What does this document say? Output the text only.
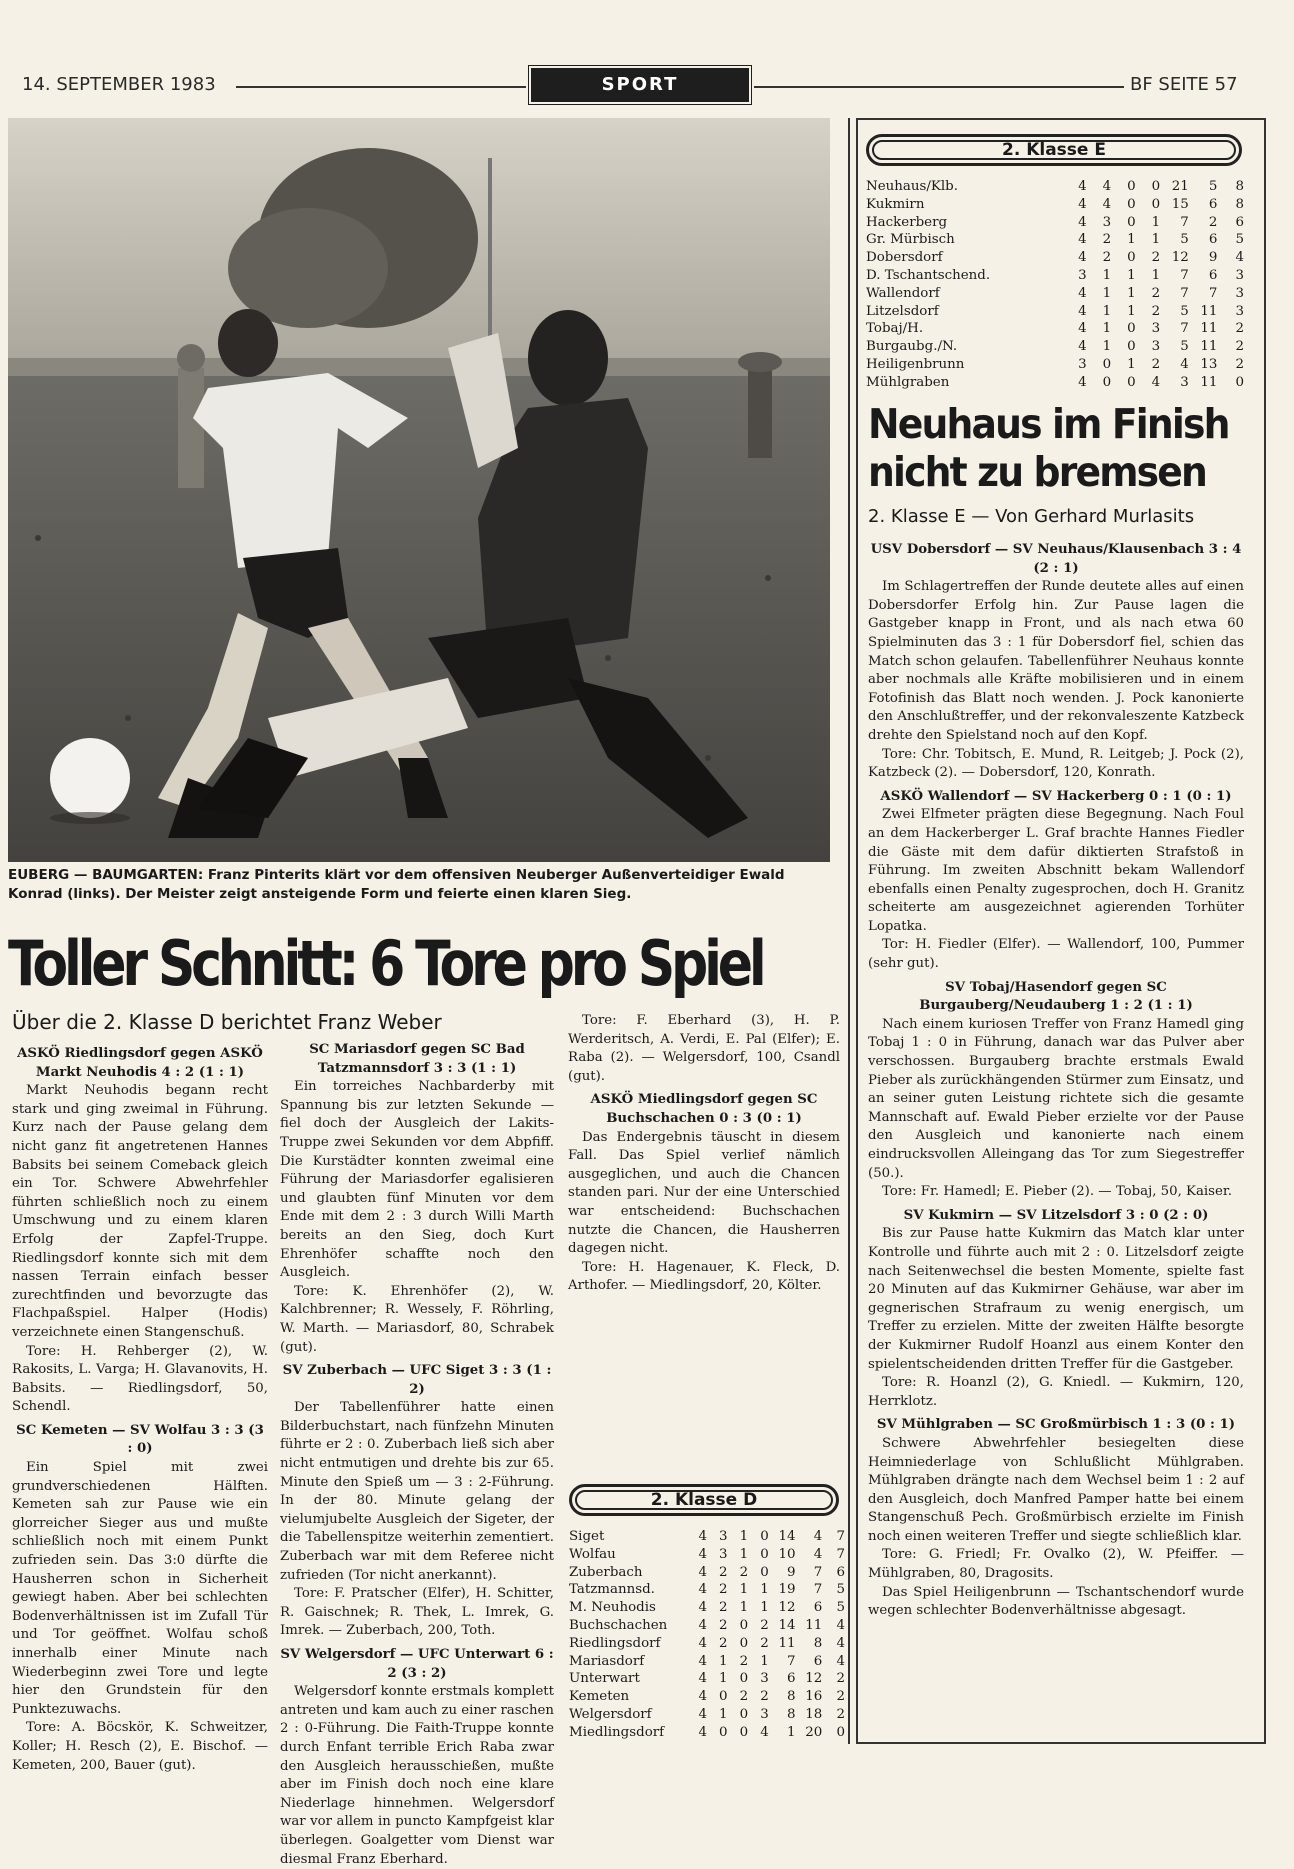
14. SEPTEMBER 1983	SPORT	BF SEITE 57
EUBERG — BAUMGARTEN: Franz Pinterits klärt vor dem offensiven Neuberger Außenverteidiger Ewald Konrad (links). Der Meister zeigt ansteigende Form und feierte einen klaren Sieg.
Toller Schnitt: 6 Tore pro Spiel
Über die 2. Klasse D berichtet Franz Weber

ASKÖ Riedlingsdorf gegen ASKÖ Markt Neuhodis 4 : 2 (1 : 1)

Markt Neuhodis begann recht stark und ging zweimal in Führung. Kurz nach der Pause gelang dem nicht ganz fit angetretenen Hannes Babsits bei seinem Comeback gleich ein Tor. Schwere Abwehrfehler führten schließlich noch zu einem Umschwung und zu einem klaren Erfolg der Zapfel-Truppe. Riedlingsdorf konnte sich mit dem nassen Terrain einfach besser zurechtfinden und bevorzugte das Flachpaßspiel. Halper (Hodis) verzeichnete einen Stangenschuß.

Tore: H. Rehberger (2), W. Rakosits, L. Varga; H. Glavanovits, H. Babsits. — Riedlingsdorf, 50, Schendl.

SC Kemeten — SV Wolfau 3 : 3 (3 : 0)

Ein Spiel mit zwei grundverschiedenen Hälften. Kemeten sah zur Pause wie ein glorreicher Sieger aus und mußte schließlich noch mit einem Punkt zufrieden sein. Das 3:0 dürfte die Hausherren schon in Sicherheit gewiegt haben. Aber bei schlechten Bodenverhältnissen ist im Zufall Tür und Tor geöffnet. Wolfau schoß innerhalb einer Minute nach Wiederbeginn zwei Tore und legte hier den Grundstein für den Punktezuwachs.

Tore: A. Böcskör, K. Schweitzer, Koller; H. Resch (2), E. Bischof. — Kemeten, 200, Bauer (gut).

SC Mariasdorf gegen SC Bad Tatzmannsdorf 3 : 3 (1 : 1)

Ein torreiches Nachbarderby mit Spannung bis zur letzten Sekunde — fiel doch der Ausgleich der Lakits-Truppe zwei Sekunden vor dem Abpfiff. Die Kurstädter konnten zweimal eine Führung der Mariasdorfer egalisieren und glaubten fünf Minuten vor dem Ende mit dem 2 : 3 durch Willi Marth bereits an den Sieg, doch Kurt Ehrenhöfer schaffte noch den Ausgleich.

Tore: K. Ehrenhöfer (2), W. Kalchbrenner; R. Wessely, F. Röhrling, W. Marth. — Mariasdorf, 80, Schrabek (gut).

SV Zuberbach — UFC Siget 3 : 3 (1 : 2)

Der Tabellenführer hatte einen Bilderbuchstart, nach fünfzehn Minuten führte er 2 : 0. Zuberbach ließ sich aber nicht entmutigen und drehte bis zur 65. Minute den Spieß um — 3 : 2-Führung. In der 80. Minute gelang der vielumjubelte Ausgleich der Sigeter, der die Tabellenspitze weiterhin zementiert. Zuberbach war mit dem Referee nicht zufrieden (Tor nicht anerkannt).

Tore: F. Pratscher (Elfer), H. Schitter, R. Gaischnek; R. Thek, L. Imrek, G. Imrek. — Zuberbach, 200, Toth.

SV Welgersdorf — UFC Unterwart 6 : 2 (3 : 2)

Welgersdorf konnte erstmals komplett antreten und kam auch zu einer raschen 2 : 0-Führung. Die Faith-Truppe konnte durch Enfant terrible Erich Raba zwar den Ausgleich herausschießen, mußte aber im Finish doch noch eine klare Niederlage hinnehmen. Welgersdorf war vor allem in puncto Kampfgeist klar überlegen. Goalgetter vom Dienst war diesmal Franz Eberhard.

Tore: F. Eberhard (3), H. P. Werderitsch, A. Verdi, E. Pal (Elfer); E. Raba (2). — Welgersdorf, 100, Csandl (gut).

ASKÖ Miedlingsdorf gegen SC Buchschachen 0 : 3 (0 : 1)

Das Endergebnis täuscht in diesem Fall. Das Spiel verlief nämlich ausgeglichen, und auch die Chancen standen pari. Nur der eine Unterschied war entscheidend: Buchschachen nutzte die Chancen, die Hausherren dagegen nicht.

Tore: H. Hagenauer, K. Fleck, D. Arthofer. — Miedlingsdorf, 20, Költer.

2. Klasse D
Siget	4	3	1	0	14	4	7
Wolfau	4	3	1	0	10	4	7
Zuberbach	4	2	2	0	9	7	6
Tatzmannsd.	4	2	1	1	19	7	5
M. Neuhodis	4	2	1	1	12	6	5
Buchschachen	4	2	0	2	14	11	4
Riedlingsdorf	4	2	0	2	11	8	4
Mariasdorf	4	1	2	1	7	6	4
Unterwart	4	1	0	3	6	12	2
Kemeten	4	0	2	2	8	16	2
Welgersdorf	4	1	0	3	8	18	2
Miedlingsdorf	4	0	0	4	1	20	0
2. Klasse E
Neuhaus/Klb.	4	4	0	0	21	5	8
Kukmirn	4	4	0	0	15	6	8
Hackerberg	4	3	0	1	7	2	6
Gr. Mürbisch	4	2	1	1	5	6	5
Dobersdorf	4	2	0	2	12	9	4
D. Tschantschend.	3	1	1	1	7	6	3
Wallendorf	4	1	1	2	7	7	3
Litzelsdorf	4	1	1	2	5	11	3
Tobaj/H.	4	1	0	3	7	11	2
Burgaubg./N.	4	1	0	3	5	11	2
Heiligenbrunn	3	0	1	2	4	13	2
Mühlgraben	4	0	0	4	3	11	0
Neuhaus im Finish
nicht zu bremsen
2. Klasse E — Von Gerhard Murlasits

USV Dobersdorf — SV Neuhaus/Klausenbach 3 : 4 (2 : 1)

Im Schlagertreffen der Runde deutete alles auf einen Dobersdorfer Erfolg hin. Zur Pause lagen die Gastgeber knapp in Front, und als nach etwa 60 Spielminuten das 3 : 1 für Dobersdorf fiel, schien das Match schon gelaufen. Tabellenführer Neuhaus konnte aber nochmals alle Kräfte mobilisieren und in einem Fotofinish das Blatt noch wenden. J. Pock kanonierte den Anschlußtreffer, und der rekonvaleszente Katzbeck drehte den Spielstand noch auf den Kopf.

Tore: Chr. Tobitsch, E. Mund, R. Leitgeb; J. Pock (2), Katzbeck (2). — Dobersdorf, 120, Konrath.

ASKÖ Wallendorf — SV Hackerberg 0 : 1 (0 : 1)

Zwei Elfmeter prägten diese Begegnung. Nach Foul an dem Hackerberger L. Graf brachte Hannes Fiedler die Gäste mit dem dafür diktierten Strafstoß in Führung. Im zweiten Abschnitt bekam Wallendorf ebenfalls einen Penalty zugesprochen, doch H. Granitz scheiterte am ausgezeichnet agierenden Torhüter Lopatka.

Tor: H. Fiedler (Elfer). — Wallendorf, 100, Pummer (sehr gut).

SV Tobaj/Hasendorf gegen SC Burgauberg/Neudauberg 1 : 2 (1 : 1)

Nach einem kuriosen Treffer von Franz Hamedl ging Tobaj 1 : 0 in Führung, danach war das Pulver aber verschossen. Burgauberg brachte erstmals Ewald Pieber als zurückhängenden Stürmer zum Einsatz, und an seiner guten Leistung richtete sich die gesamte Mannschaft auf. Ewald Pieber erzielte vor der Pause den Ausgleich und kanonierte nach einem eindrucksvollen Alleingang das Tor zum Siegestreffer (50.).

Tore: Fr. Hamedl; E. Pieber (2). — Tobaj, 50, Kaiser.

SV Kukmirn — SV Litzelsdorf 3 : 0 (2 : 0)

Bis zur Pause hatte Kukmirn das Match klar unter Kontrolle und führte auch mit 2 : 0. Litzelsdorf zeigte nach Seitenwechsel die besten Momente, spielte fast 20 Minuten auf das Kukmirner Gehäuse, war aber im gegnerischen Strafraum zu wenig energisch, um Treffer zu erzielen. Mitte der zweiten Hälfte besorgte der Kukmirner Rudolf Hoanzl aus einem Konter den spielentscheidenden dritten Treffer für die Gastgeber.

Tore: R. Hoanzl (2), G. Kniedl. — Kukmirn, 120, Herrklotz.

SV Mühlgraben — SC Großmürbisch 1 : 3 (0 : 1)

Schwere Abwehrfehler besiegelten diese Heimniederlage von Schlußlicht Mühlgraben. Mühlgraben drängte nach dem Wechsel beim 1 : 2 auf den Ausgleich, doch Manfred Pamper hatte bei einem Stangenschuß Pech. Großmürbisch erzielte im Finish noch einen weiteren Treffer und siegte schließlich klar.

Tore: G. Friedl; Fr. Ovalko (2), W. Pfeiffer. — Mühlgraben, 80, Dragosits.

Das Spiel Heiligenbrunn — Tschantschendorf wurde wegen schlechter Bodenverhältnisse abgesagt.
